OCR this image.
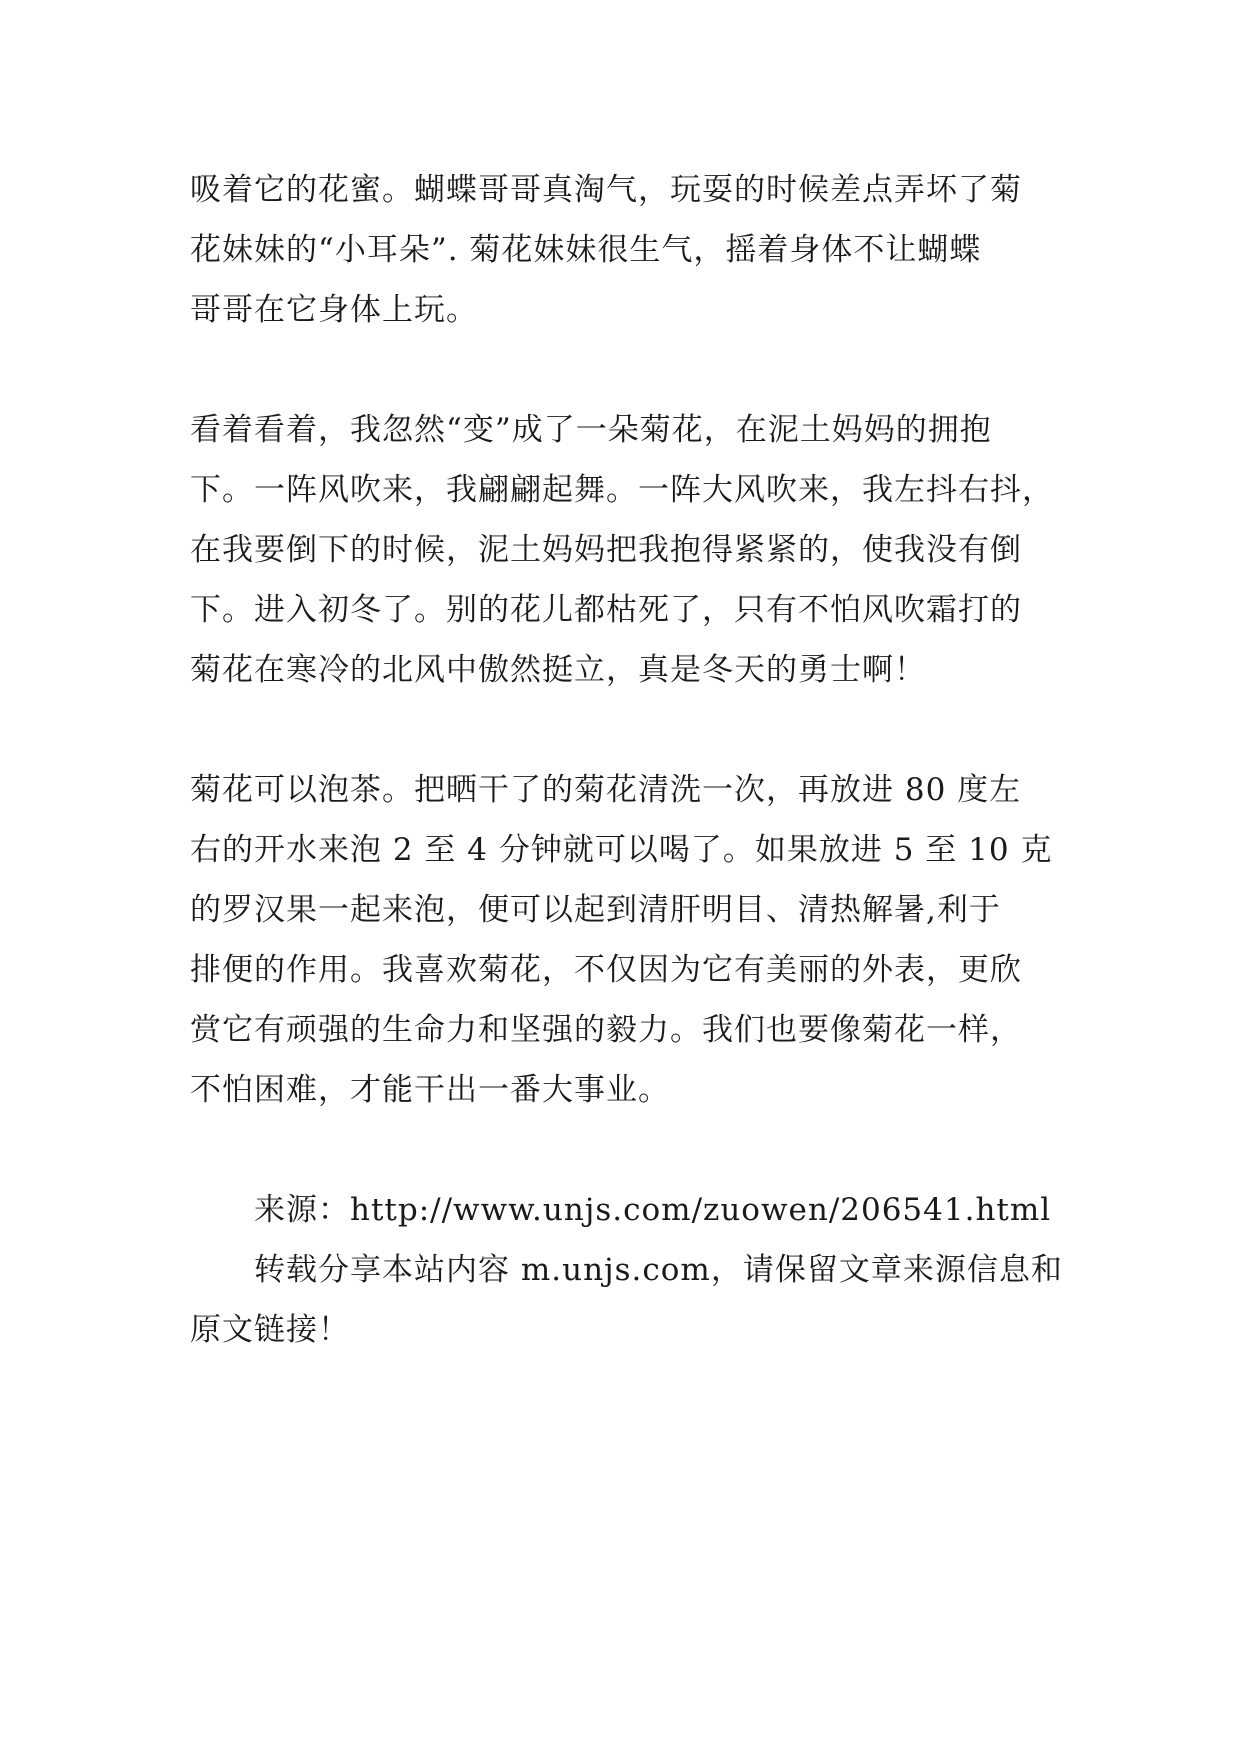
吸着它的花蜜。蝴蝶哥哥真淘气，玩耍的时候差点弄坏了菊
花妹妹的“小耳朵”. 菊花妹妹很生气，摇着身体不让蝴蝶
哥哥在它身体上玩。

看着看着，我忽然“变”成了一朵菊花，在泥土妈妈的拥抱
下。一阵风吹来，我翩翩起舞。一阵大风吹来，我左抖右抖，
在我要倒下的时候，泥土妈妈把我抱得紧紧的，使我没有倒
下。进入初冬了。别的花儿都枯死了，只有不怕风吹霜打的
菊花在寒冷的北风中傲然挺立，真是冬天的勇士啊！

菊花可以泡茶。把晒干了的菊花清洗一次，再放进 80 度左
右的开水来泡 2 至 4 分钟就可以喝了。如果放进 5 至 10 克
的罗汉果一起来泡，便可以起到清肝明目、清热解暑,利于
排便的作用。我喜欢菊花，不仅因为它有美丽的外表，更欣
赏它有顽强的生命力和坚强的毅力。我们也要像菊花一样，
不怕困难，才能干出一番大事业。

来源：http://www.unjs.com/zuowen/206541.html
转载分享本站内容 m.unjs.com，请保留文章来源信息和
原文链接！
